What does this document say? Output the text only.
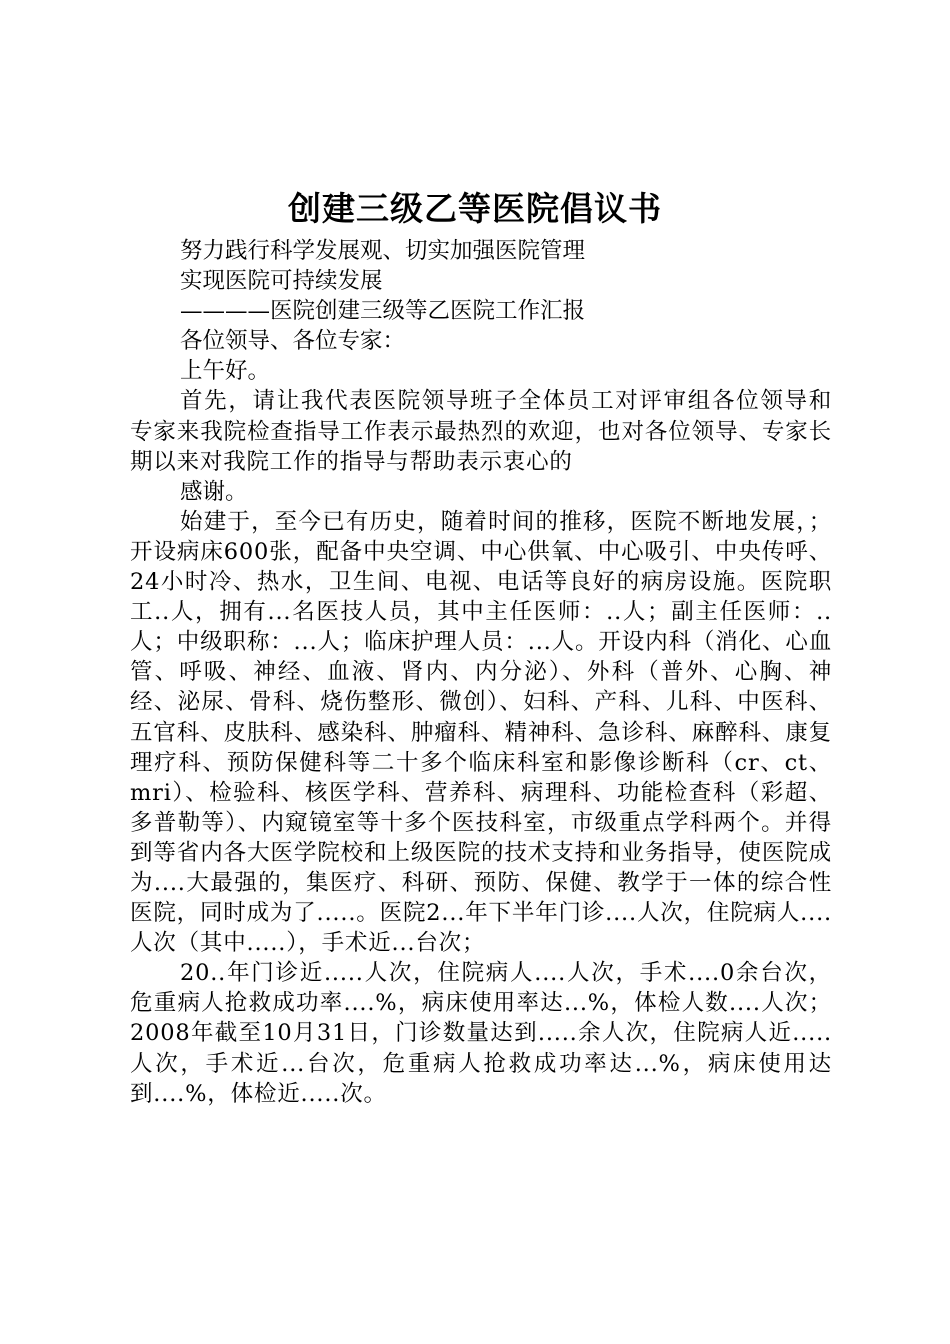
创建三级乙等医院倡议书

努力践行科学发展观、切实加强医院管理

实现医院可持续发展

————医院创建三级等乙医院工作汇报

各位领导、各位专家：

上午好。

首先，请让我代表医院领导班子全体员工对评审组各位领导和专家来我院检查指导工作表示最热烈的欢迎，也对各位领导、专家长期以来对我院工作的指导与帮助表示衷心的

感谢。

始建于，至今已有历史，随着时间的推移，医院不断地发展，；开设病床600张，配备中央空调、中心供氧、中心吸引、中央传呼、24小时冷、热水，卫生间、电视、电话等良好的病房设施。医院职工..人，拥有...名医技人员，其中主任医师：..人；副主任医师：..人；中级职称：...人；临床护理人员：...人。开设内科（消化、心血管、呼吸、神经、血液、肾内、内分泌）、外科（普外、心胸、神经、泌尿、骨科、烧伤整形、微创）、妇科、产科、儿科、中医科、五官科、皮肤科、感染科、肿瘤科、精神科、急诊科、麻醉科、康复理疗科、预防保健科等二十多个临床科室和影像诊断科（cr、ct、mri）、检验科、核医学科、营养科、病理科、功能检查科（彩超、多普勒等）、内窥镜室等十多个医技科室，市级重点学科两个。并得到等省内各大医学院校和上级医院的技术支持和业务指导，使医院成为....大最强的，集医疗、科研、预防、保健、教学于一体的综合性医院，同时成为了.....。医院2...年下半年门诊....人次，住院病人....人次（其中.....），手术近...台次；

20..年门诊近.....人次，住院病人....人次，手术....0余台次，危重病人抢救成功率....%，病床使用率达...%，体检人数....人次；2008年截至10月31日，门诊数量达到.....余人次，住院病人近.....人次，手术近...台次，危重病人抢救成功率达...%，病床使用达到....%，体检近.....次。
